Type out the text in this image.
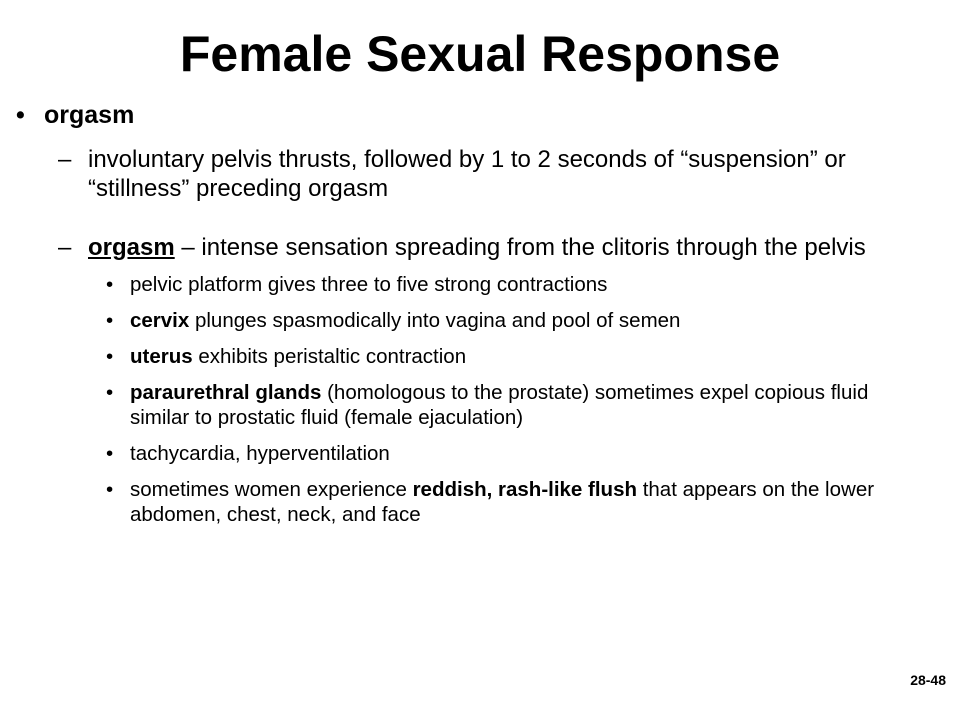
Female Sexual Response
• orgasm
– involuntary pelvis thrusts, followed by 1 to 2 seconds of “suspension” or “stillness” preceding orgasm
– orgasm – intense sensation spreading from the clitoris through the pelvis
• pelvic platform gives three to five strong contractions
• cervix plunges spasmodically into vagina and pool of semen
• uterus exhibits peristaltic contraction
• paraurethral glands (homologous to the prostate) sometimes expel copious fluid similar to prostatic fluid (female ejaculation)
• tachycardia, hyperventilation
• sometimes women experience reddish, rash-like flush that appears on the lower abdomen, chest, neck, and face
28-48
